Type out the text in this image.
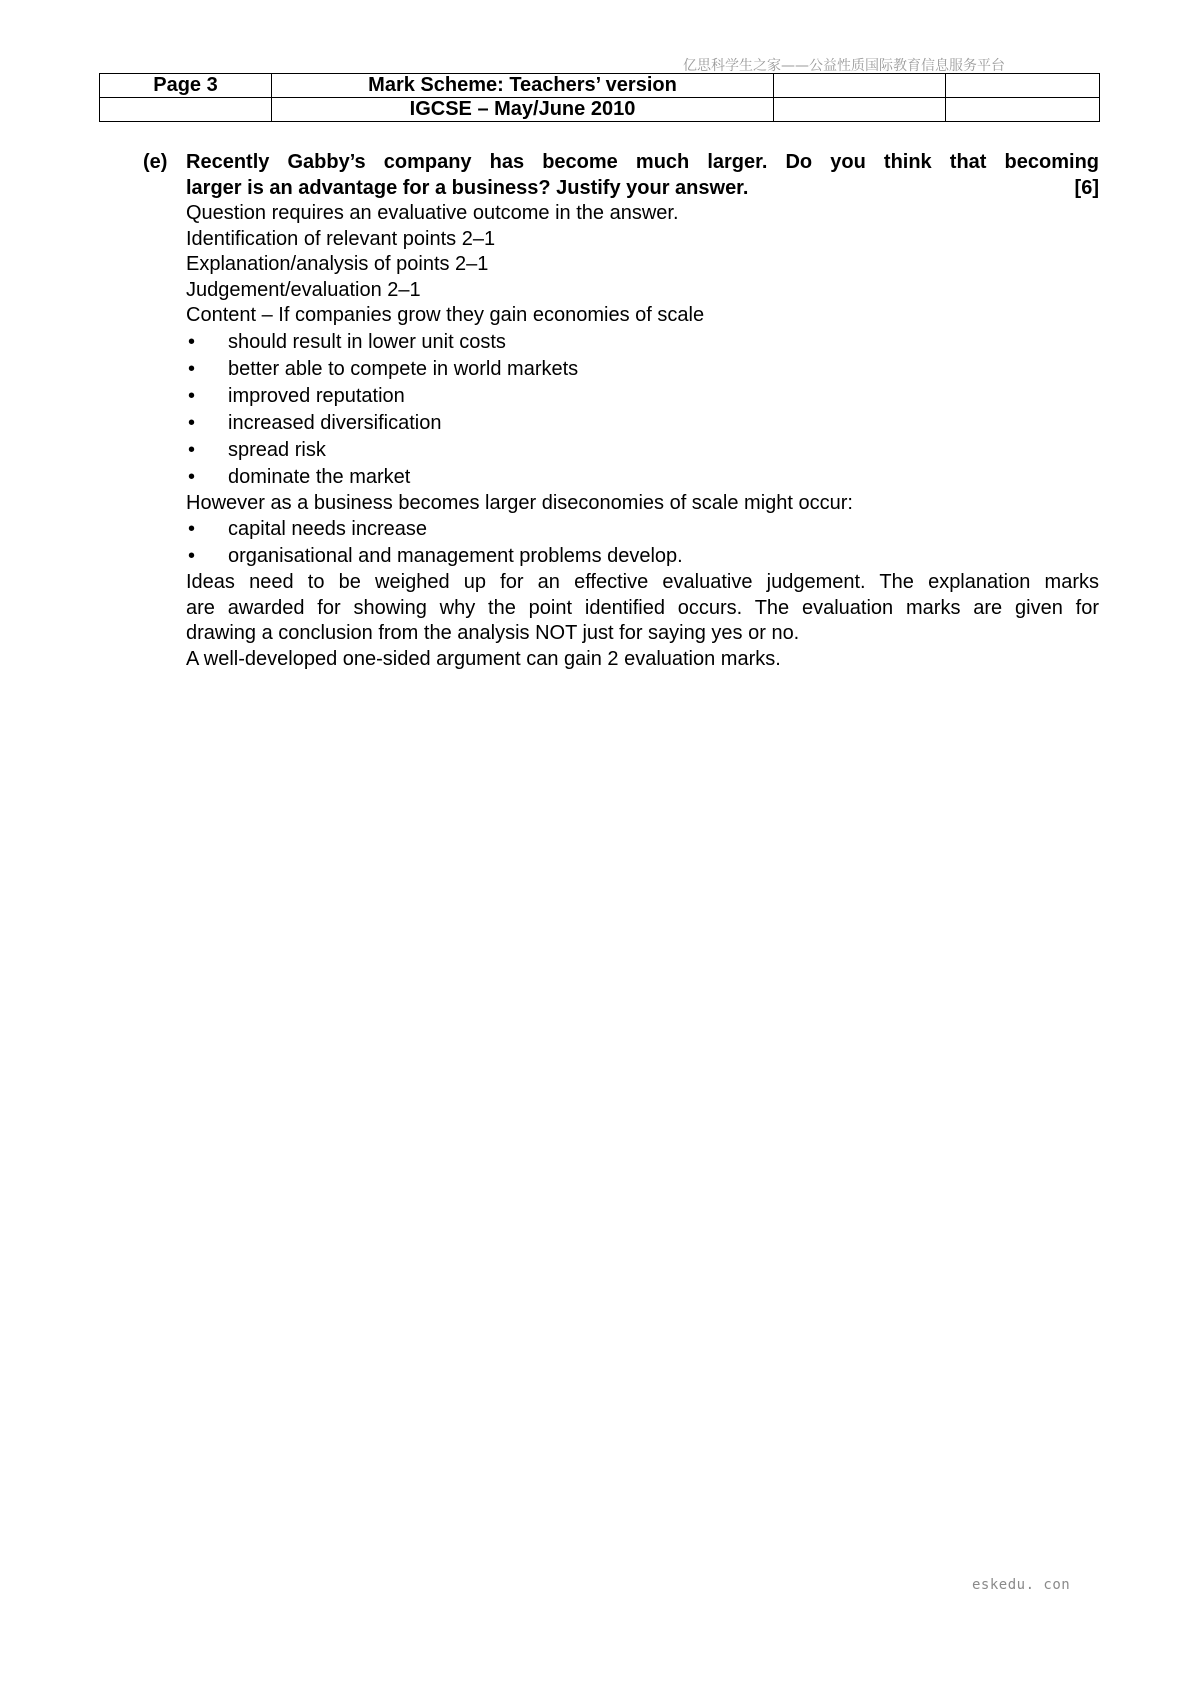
亿思科学生之家——公益性质国际教育信息服务平台
Page 3	Mark Scheme: Teachers’ version		
	IGCSE – May/June 2010		
(e) Recently Gabby’s company has become much larger. Do you think that becoming
larger is an advantage for a business? Justify your answer.	[6]
Question requires an evaluative outcome in the answer.
Identification of relevant points 2–1
Explanation/analysis of points 2–1
Judgement/evaluation 2–1
Content – If companies grow they gain economies of scale
•	should result in lower unit costs
•	better able to compete in world markets
•	improved reputation
•	increased diversification
•	spread risk
•	dominate the market
However as a business becomes larger diseconomies of scale might occur:
•	capital needs increase
•	organisational and management problems develop.
Ideas need to be weighed up for an effective evaluative judgement. The explanation marks
are awarded for showing why the point identified occurs. The evaluation marks are given for
drawing a conclusion from the analysis NOT just for saying yes or no.
A well-developed one-sided argument can gain 2 evaluation marks.
eskedu. con
